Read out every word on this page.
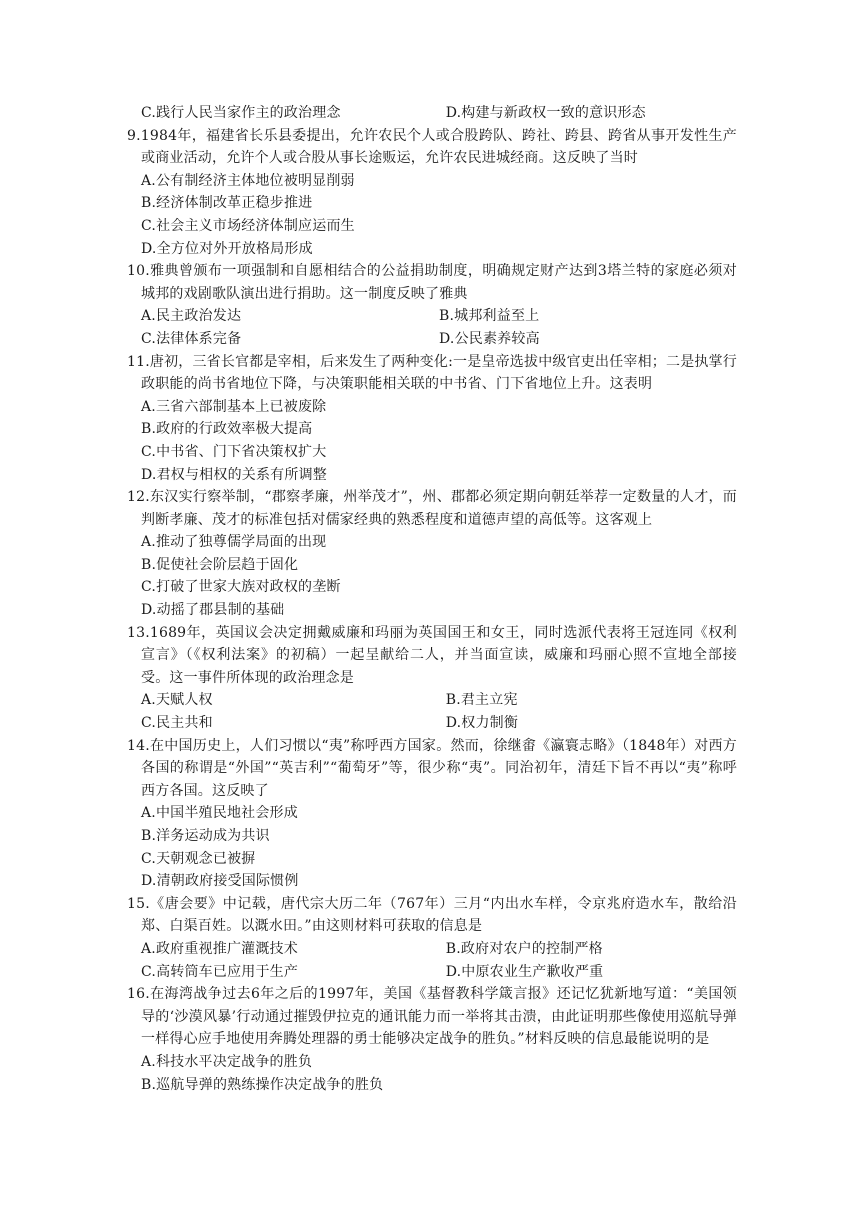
C.践行人民当家作主的政治理念	D.构建与新政权一致的意识形态
9.1984年，福建省长乐县委提出，允许农民个人或合股跨队、跨社、跨县、跨省从事开发性生产或商业活动，允许个人或合股从事长途贩运，允许农民进城经商。这反映了当时
A.公有制经济主体地位被明显削弱
B.经济体制改革正稳步推进
C.社会主义市场经济体制应运而生
D.全方位对外开放格局形成
10.雅典曾颁布一项强制和自愿相结合的公益捐助制度，明确规定财产达到3塔兰特的家庭必须对城邦的戏剧歌队演出进行捐助。这一制度反映了雅典
A.民主政治发达	B.城邦利益至上
C.法律体系完备	D.公民素养较高
11.唐初，三省长官都是宰相，后来发生了两种变化:一是皇帝选拔中级官吏出任宰相；二是执掌行政职能的尚书省地位下降，与决策职能相关联的中书省、门下省地位上升。这表明
A.三省六部制基本上已被废除
B.政府的行政效率极大提高
C.中书省、门下省决策权扩大
D.君权与相权的关系有所调整
12.东汉实行察举制，“郡察孝廉，州举茂才”，州、郡都必须定期向朝廷举荐一定数量的人才，而判断孝廉、茂才的标准包括对儒家经典的熟悉程度和道德声望的高低等。这客观上
A.推动了独尊儒学局面的出现
B.促使社会阶层趋于固化
C.打破了世家大族对政权的垄断
D.动摇了郡县制的基础
13.1689年，英国议会决定拥戴威廉和玛丽为英国国王和女王，同时选派代表将王冠连同《权利宣言》（《权利法案》的初稿）一起呈献给二人，并当面宣读，威廉和玛丽心照不宣地全部接受。这一事件所体现的政治理念是
A.天赋人权	B.君主立宪
C.民主共和	D.权力制衡
14.在中国历史上，人们习惯以“夷”称呼西方国家。然而，徐继畬《瀛寰志略》（1848年）对西方各国的称谓是“外国”“英吉利”“葡萄牙”等，很少称“夷”。同治初年，清廷下旨不再以“夷”称呼西方各国。这反映了
A.中国半殖民地社会形成
B.洋务运动成为共识
C.天朝观念已被摒
D.清朝政府接受国际惯例
15.《唐会要》中记载，唐代宗大历二年（767年）三月“内出水车样，令京兆府造水车，散给沿郑、白渠百姓。以溉水田。”由这则材料可获取的信息是
A.政府重视推广灌溉技术	B.政府对农户的控制严格
C.高转筒车已应用于生产	D.中原农业生产歉收严重
16.在海湾战争过去6年之后的1997年，美国《基督教科学箴言报》还记忆犹新地写道：“美国领导的‘沙漠风暴’行动通过摧毁伊拉克的通讯能力而一举将其击溃，由此证明那些像使用巡航导弹一样得心应手地使用奔腾处理器的勇士能够决定战争的胜负。”材料反映的信息最能说明的是
A.科技水平决定战争的胜负
B.巡航导弹的熟练操作决定战争的胜负
